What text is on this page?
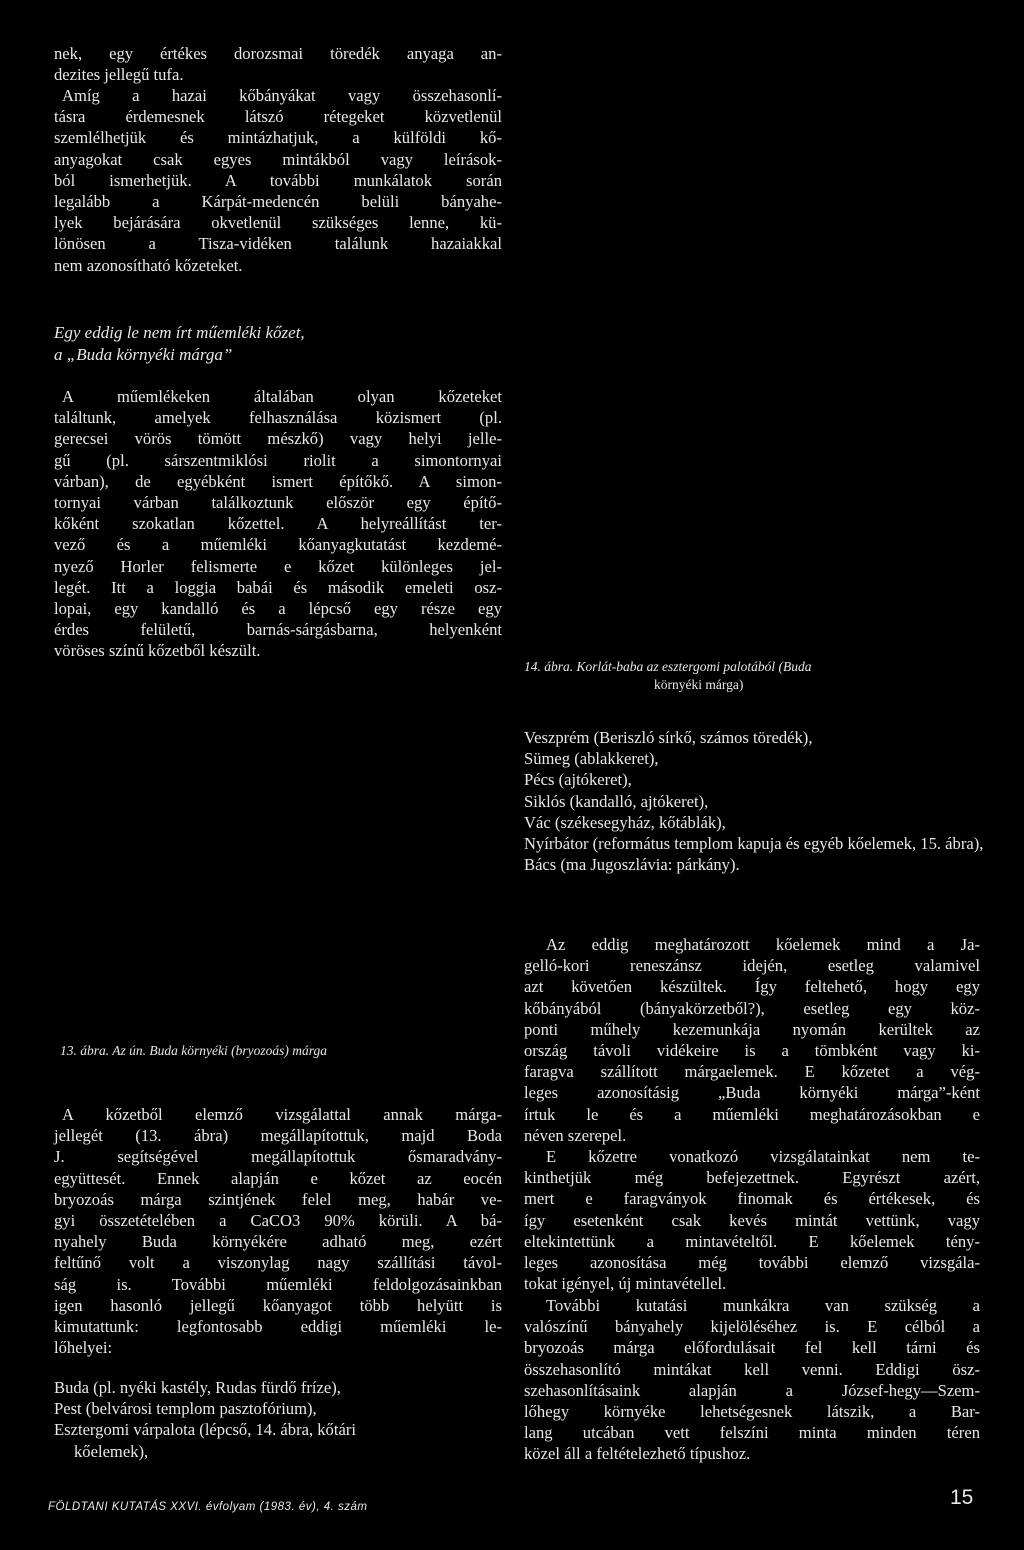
nek, egy értékes dorozsmai töredék anyaga an-
dezites jellegű tufa.
Amíg a hazai kőbányákat vagy összehasonlí-
tásra érdemesnek látszó rétegeket közvetlenül
szemlélhetjük és mintázhatjuk, a külföldi kő-
anyagokat csak egyes mintákból vagy leírások-
ból ismerhetjük. A további munkálatok során
legalább a Kárpát-medencén belüli bányahe-
lyek bejárására okvetlenül szükséges lenne, kü-
lönösen a Tisza-vidéken találunk hazaiakkal
nem azonosítható kőzeteket.
Egy eddig le nem írt műemléki kőzet,
a „Buda környéki márga”
A műemlékeken általában olyan kőzeteket
találtunk, amelyek felhasználása közismert (pl.
gerecsei vörös tömött mészkő) vagy helyi jelle-
gű (pl. sárszentmiklósi riolit a simontornyai
várban), de egyébként ismert építőkő. A simon-
tornyai várban találkoztunk először egy építő-
kőként szokatlan kőzettel. A helyreállítást ter-
vező és a műemléki kőanyagkutatást kezdemé-
nyező Horler felismerte e kőzet különleges jel-
legét. Itt a loggia babái és második emeleti osz-
lopai, egy kandalló és a lépcső egy része egy
érdes felületű, barnás-sárgásbarna, helyenként
vöröses színű kőzetből készült.
13. ábra. Az ún. Buda környéki (bryozoás) márga
A kőzetből elemző vizsgálattal annak márga-
jellegét (13. ábra) megállapítottuk, majd Boda
J. segítségével megállapítottuk ősmaradvány-
együttesét. Ennek alapján e kőzet az eocén
bryozoás márga szintjének felel meg, habár ve-
gyi összetételében a CaCO3 90% körüli. A bá-
nyahely Buda környékére adható meg, ezért
feltűnő volt a viszonylag nagy szállítási távol-
ság is. További műemléki feldolgozásainkban
igen hasonló jellegű kőanyagot több helyütt is
kimutattunk: legfontosabb eddigi műemléki le-
lőhelyei:
Buda (pl. nyéki kastély, Rudas fürdő fríze),
Pest (belvárosi templom pasztofórium),
Esztergomi várpalota (lépcső, 14. ábra, kőtári
kőelemek),
14. ábra. Korlát-baba az esztergomi palotából (Buda
környéki márga)
Veszprém (Beriszló sírkő, számos töredék),
Sümeg (ablakkeret),
Pécs (ajtókeret),
Siklós (kandalló, ajtókeret),
Vác (székesegyház, kőtáblák),
Nyírbátor (református templom kapuja és egyéb kőelemek, 15. ábra),
Bács (ma Jugoszlávia: párkány).
Az eddig meghatározott kőelemek mind a Ja-
gelló-kori reneszánsz idején, esetleg valamivel
azt követően készültek. Így feltehető, hogy egy
kőbányából (bányakörzetből?), esetleg egy köz-
ponti műhely kezemunkája nyomán kerültek az
ország távoli vidékeire is a tömbként vagy ki-
faragva szállított márgaelemek. E kőzetet a vég-
leges azonosításig „Buda környéki márga”-ként
írtuk le és a műemléki meghatározásokban e
néven szerepel.
E kőzetre vonatkozó vizsgálatainkat nem te-
kinthetjük még befejezettnek. Egyrészt azért,
mert e faragványok finomak és értékesek, és
így esetenként csak kevés mintát vettünk, vagy
eltekintettünk a mintavételtől. E kőelemek tény-
leges azonosítása még további elemző vizsgála-
tokat igényel, új mintavétellel.
További kutatási munkákra van szükség a
valószínű bányahely kijelöléséhez is. E célból a
bryozoás márga előfordulásait fel kell tárni és
összehasonlító mintákat kell venni. Eddigi ösz-
szehasonlításaink alapján a József-hegy—Szem-
lőhegy környéke lehetségesnek látszik, a Bar-
lang utcában vett felszíni minta minden téren
közel áll a feltételezhető típushoz.
FÖLDTANI KUTATÁS XXVI. évfolyam (1983. év), 4. szám	15
